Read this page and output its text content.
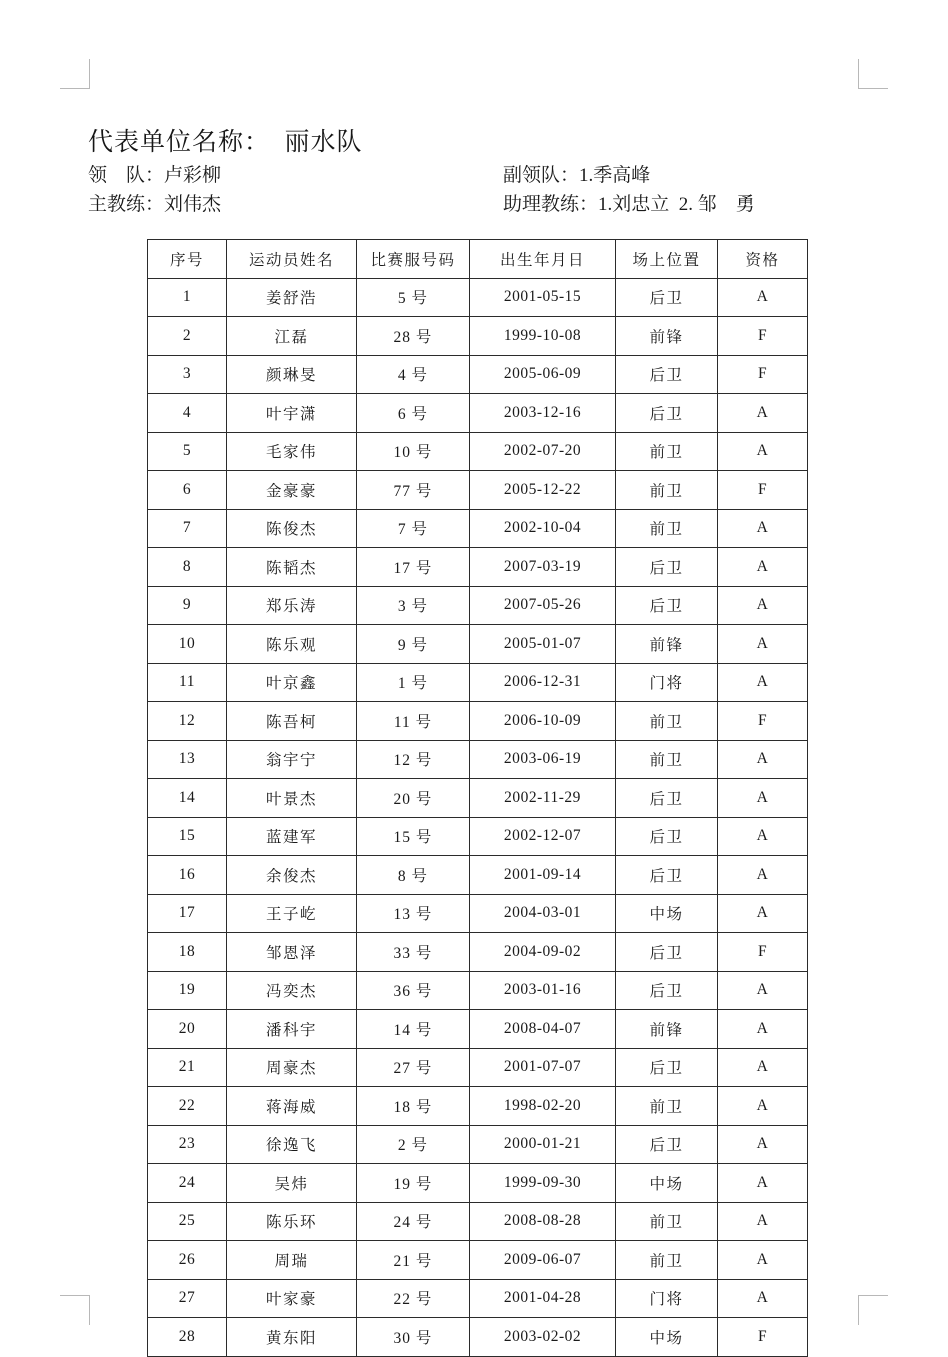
代表单位名称：  丽水队
领　队：卢彩柳	副领队：1.季高峰
主教练：刘伟杰	助理教练：1.刘忠立  2. 邹　勇
序号	运动员姓名	比赛服号码	出生年月日	场上位置	资格
1	姜舒浩	5 号	2001-05-15	后卫	A
2	江磊	28 号	1999-10-08	前锋	F
3	颜琳旻	4 号	2005-06-09	后卫	F
4	叶宇潇	6 号	2003-12-16	后卫	A
5	毛家伟	10 号	2002-07-20	前卫	A
6	金豪豪	77 号	2005-12-22	前卫	F
7	陈俊杰	7 号	2002-10-04	前卫	A
8	陈韬杰	17 号	2007-03-19	后卫	A
9	郑乐涛	3 号	2007-05-26	后卫	A
10	陈乐观	9 号	2005-01-07	前锋	A
11	叶京鑫	1 号	2006-12-31	门将	A
12	陈吾柯	11 号	2006-10-09	前卫	F
13	翁宇宁	12 号	2003-06-19	前卫	A
14	叶景杰	20 号	2002-11-29	后卫	A
15	蓝建军	15 号	2002-12-07	后卫	A
16	余俊杰	8 号	2001-09-14	后卫	A
17	王子屹	13 号	2004-03-01	中场	A
18	邹恩泽	33 号	2004-09-02	后卫	F
19	冯奕杰	36 号	2003-01-16	后卫	A
20	潘科宇	14 号	2008-04-07	前锋	A
21	周豪杰	27 号	2001-07-07	后卫	A
22	蒋海威	18 号	1998-02-20	前卫	A
23	徐逸飞	2 号	2000-01-21	后卫	A
24	吴炜	19 号	1999-09-30	中场	A
25	陈乐环	24 号	2008-08-28	前卫	A
26	周瑞	21 号	2009-06-07	前卫	A
27	叶家豪	22 号	2001-04-28	门将	A
28	黄东阳	30 号	2003-02-02	中场	F
